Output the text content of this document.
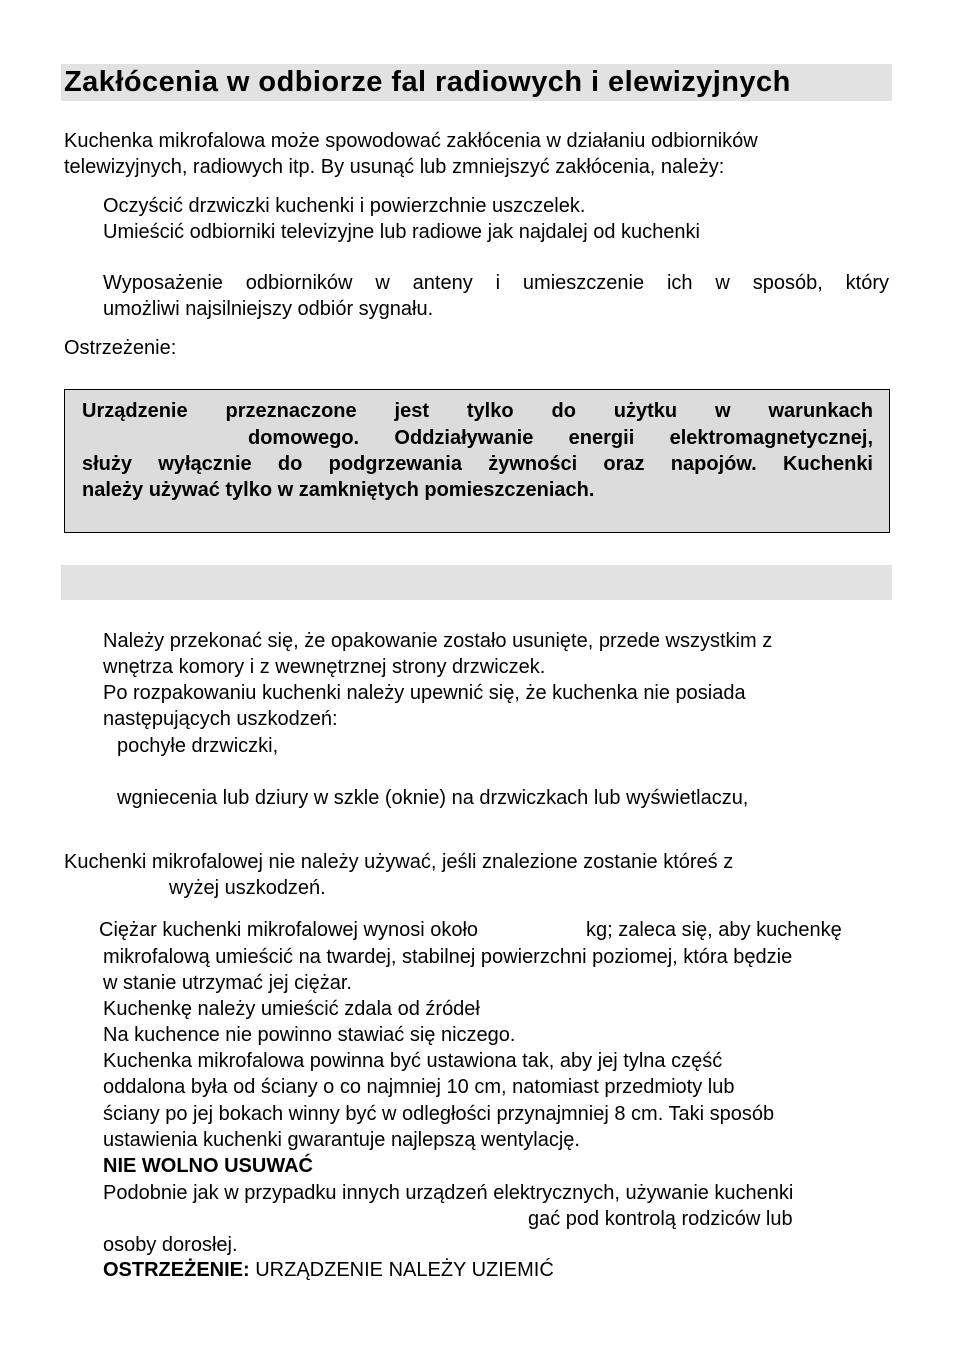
Zakłócenia w odbiorze fal radiowych i elewizyjnych
Kuchenka mikrofalowa może spowodować zakłócenia w działaniu odbiorników
telewizyjnych, radiowych itp. By usunąć lub zmniejszyć zakłócenia, należy:
Oczyścić drzwiczki kuchenki i powierzchnie uszczelek.
Umieścić odbiorniki televizyjne lub radiowe jak najdalej od kuchenki
Wyposażenie odbiorników w anteny i umieszczenie ich w sposób, który
umożliwi najsilniejszy odbiór sygnału.
Ostrzeżenie:
Urządzenie przeznaczone jest tylko do użytku w warunkach
domowego. Oddziaływanie energii elektromagnetycznej,
służy wyłącznie do podgrzewania żywności oraz napojów. Kuchenki
należy używać tylko w zamkniętych pomieszczeniach.
Należy przekonać się, że opakowanie zostało usunięte, przede wszystkim z
wnętrza komory i z wewnętrznej strony drzwiczek.
Po rozpakowaniu kuchenki należy upewnić się, że kuchenka nie posiada
następujących uszkodzeń:
pochyłe drzwiczki,
wgniecenia lub dziury w szkle (oknie) na drzwiczkach lub wyświetlaczu,
Kuchenki mikrofalowej nie należy używać, jeśli znalezione zostanie któreś z
wyżej uszkodzeń.
Ciężar kuchenki mikrofalowej wynosi około	kg; zaleca się, aby kuchenkę
mikrofalową umieścić na twardej, stabilnej powierzchni poziomej, która będzie
w stanie utrzymać jej ciężar.
Kuchenkę należy umieścić zdala od źródeł
Na kuchence nie powinno stawiać się niczego.
Kuchenka mikrofalowa powinna być ustawiona tak, aby jej tylna część
oddalona była od ściany o co najmniej 10 cm, natomiast przedmioty lub
ściany po jej bokach winny być w odległości przynajmniej 8 cm. Taki sposób
ustawienia kuchenki gwarantuje najlepszą wentylację.
NIE WOLNO USUWAĆ
Podobnie jak w przypadku innych urządzeń elektrycznych, używanie kuchenki
gać pod kontrolą rodziców lub
osoby dorosłej.
OSTRZEŻENIE: URZĄDZENIE NALEŻY UZIEMIĆ
